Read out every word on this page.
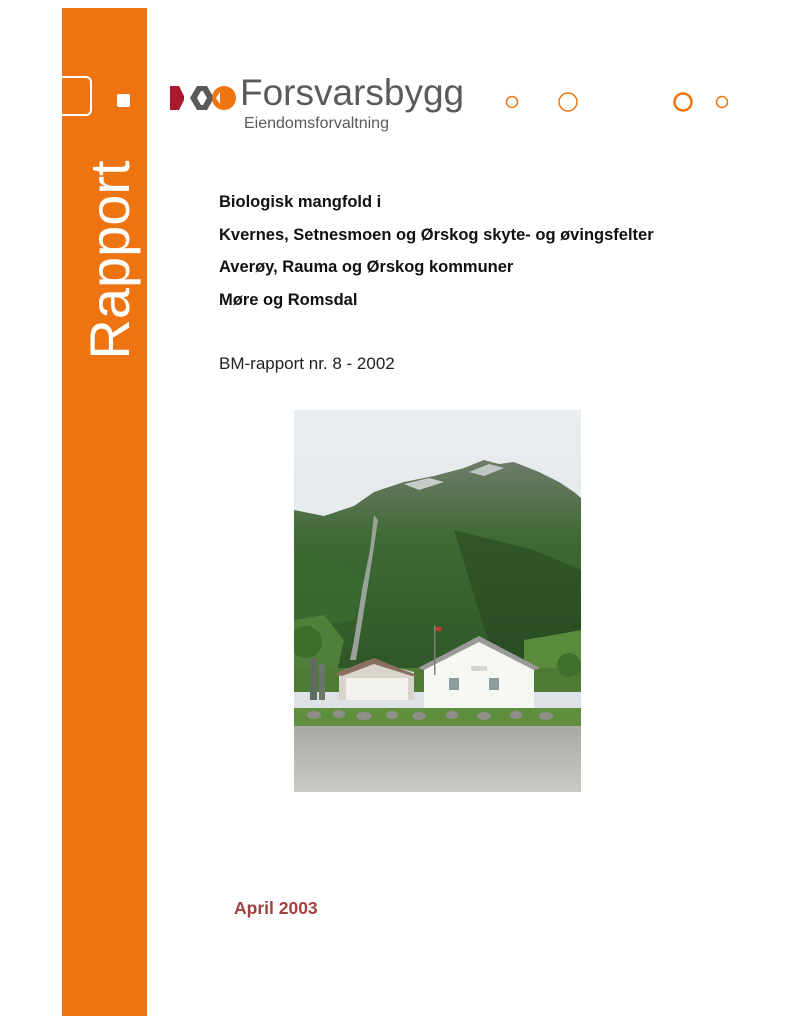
Rapport
Forsvarsbygg
Eiendomsforvaltning
Biologisk mangfold i
Kvernes, Setnesmoen og Ørskog skyte- og øvingsfelter
Averøy, Rauma og Ørskog kommuner
Møre og Romsdal
BM-rapport nr. 8 - 2002
April 2003
